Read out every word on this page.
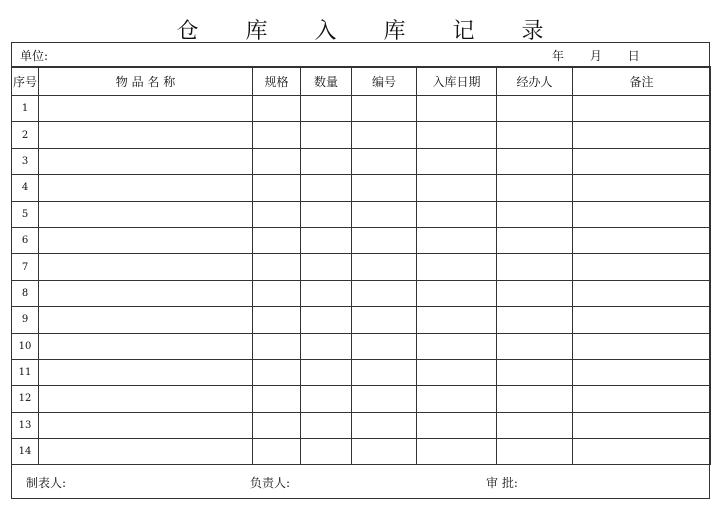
仓 库 入 库 记 录
单位:	年 月 日
序号	物 品 名 称	规格	数量	编号	入库日期	经办人	备注
1							
2							
3							
4							
5							
6							
7							
8							
9							
10							
11							
12							
13							
14							
制表人:	负责人:	审 批:
